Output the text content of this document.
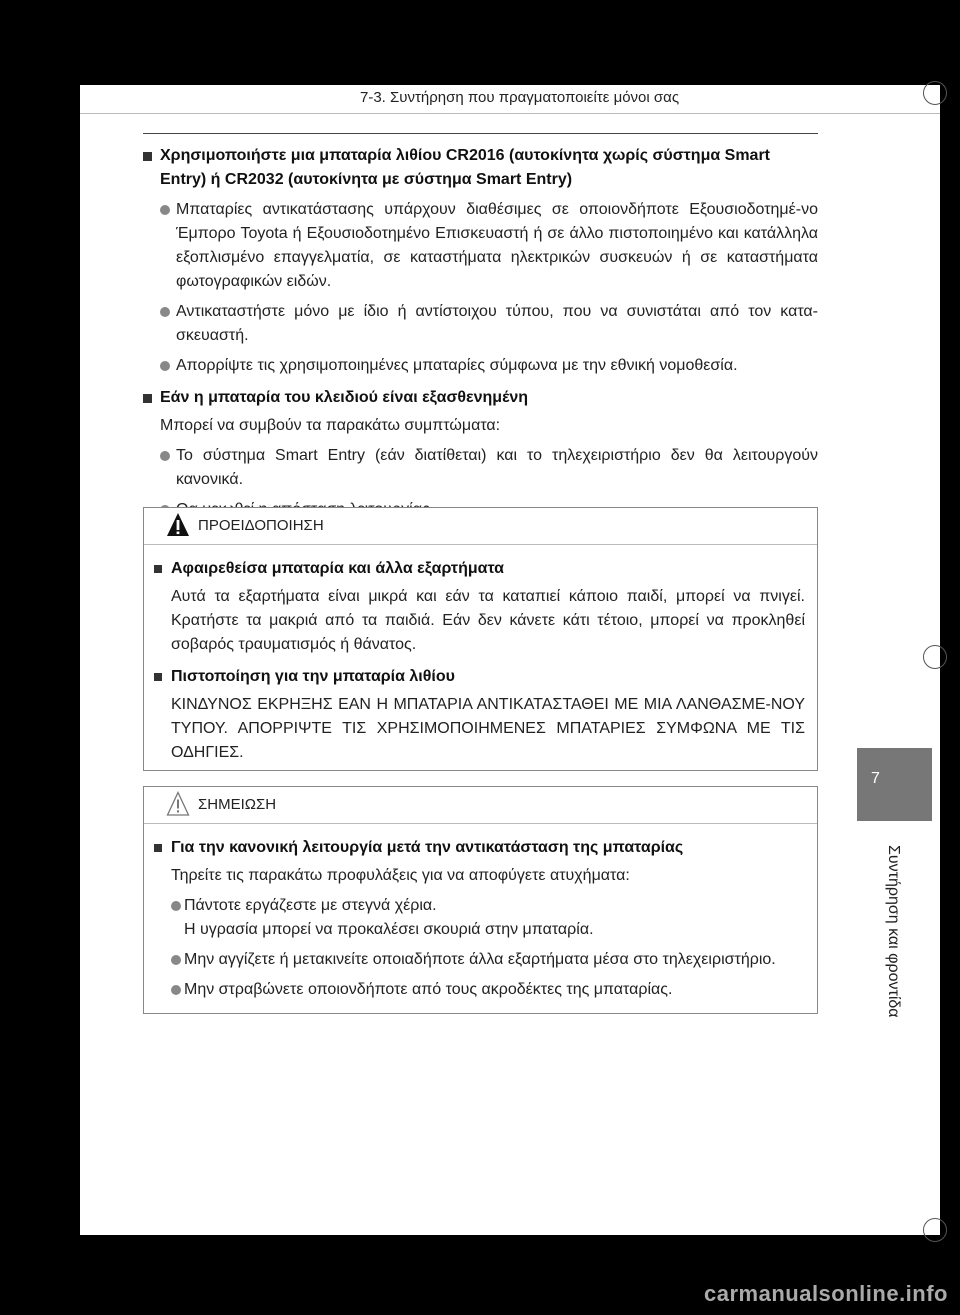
7-3. Συντήρηση που πραγματοποιείτε μόνοι σας
Χρησιμοποιήστε μια μπαταρία λιθίου CR2016 (αυτοκίνητα χωρίς σύστημα Smart Entry) ή CR2032 (αυτοκίνητα με σύστημα Smart Entry)
Μπαταρίες αντικατάστασης υπάρχουν διαθέσιμες σε οποιονδήποτε Εξουσιοδοτημέ-νο Έμπορο Toyota ή Εξουσιοδοτημένο Επισκευαστή ή σε άλλο πιστοποιημένο και κατάλληλα εξοπλισμένο επαγγελματία, σε καταστήματα ηλεκτρικών συσκευών ή σε καταστήματα φωτογραφικών ειδών.
Αντικαταστήστε μόνο με ίδιο ή αντίστοιχου τύπου, που να συνιστάται από τον κατα-σκευαστή.
Απορρίψτε τις χρησιμοποιημένες μπαταρίες σύμφωνα με την εθνική νομοθεσία.
Εάν η μπαταρία του κλειδιού είναι εξασθενημένη

Μπορεί να συμβούν τα παρακάτω συμπτώματα:

Το σύστημα Smart Entry (εάν διατίθεται) και το τηλεχειριστήριο δεν θα λειτουργούν κανονικά.
ΠΡΟΕΙΔΟΠΟΙΗΣΗ
Αφαιρεθείσα μπαταρία και άλλα εξαρτήματα

Αυτά τα εξαρτήματα είναι μικρά και εάν τα καταπιεί κάποιο παιδί, μπορεί να πνιγεί. Κρατήστε τα μακριά από τα παιδιά. Εάν δεν κάνετε κάτι τέτοιο, μπορεί να προκληθεί σοβαρός τραυματισμός ή θάνατος.

Πιστοποίηση για την μπαταρία λιθίου

ΚΙΝΔΥΝΟΣ ΕΚΡΗΞΗΣ ΕΑΝ Η ΜΠΑΤΑΡΙΑ ΑΝΤΙΚΑΤΑΣΤΑΘΕΙ ΜΕ ΜΙΑ ΛΑΝΘΑΣΜΕ-ΝΟΥ ΤΥΠΟΥ. ΑΠΟΡΡΙΨΤΕ ΤΙΣ ΧΡΗΣΙΜΟΠΟΙΗΜΕΝΕΣ ΜΠΑΤΑΡΙΕΣ ΣΥΜΦΩΝΑ ΜΕ ΤΙΣ ΟΔΗΓΙΕΣ.

ΣΗΜΕΙΩΣΗ
Για την κανονική λειτουργία μετά την αντικατάσταση της μπαταρίας

Τηρείτε τις παρακάτω προφυλάξεις για να αποφύγετε ατυχήματα:

Πάντοτε εργάζεστε με στεγνά χέρια.
Η υγρασία μπορεί να προκαλέσει σκουριά στην μπαταρία.
Μην αγγίζετε ή μετακινείτε οποιαδήποτε άλλα εξαρτήματα μέσα στο τηλεχειριστήριο.
Μην στραβώνετε οποιονδήποτε από τους ακροδέκτες της μπαταρίας.
7
Συντήρηση και φροντίδα
carmanualsonline.info
